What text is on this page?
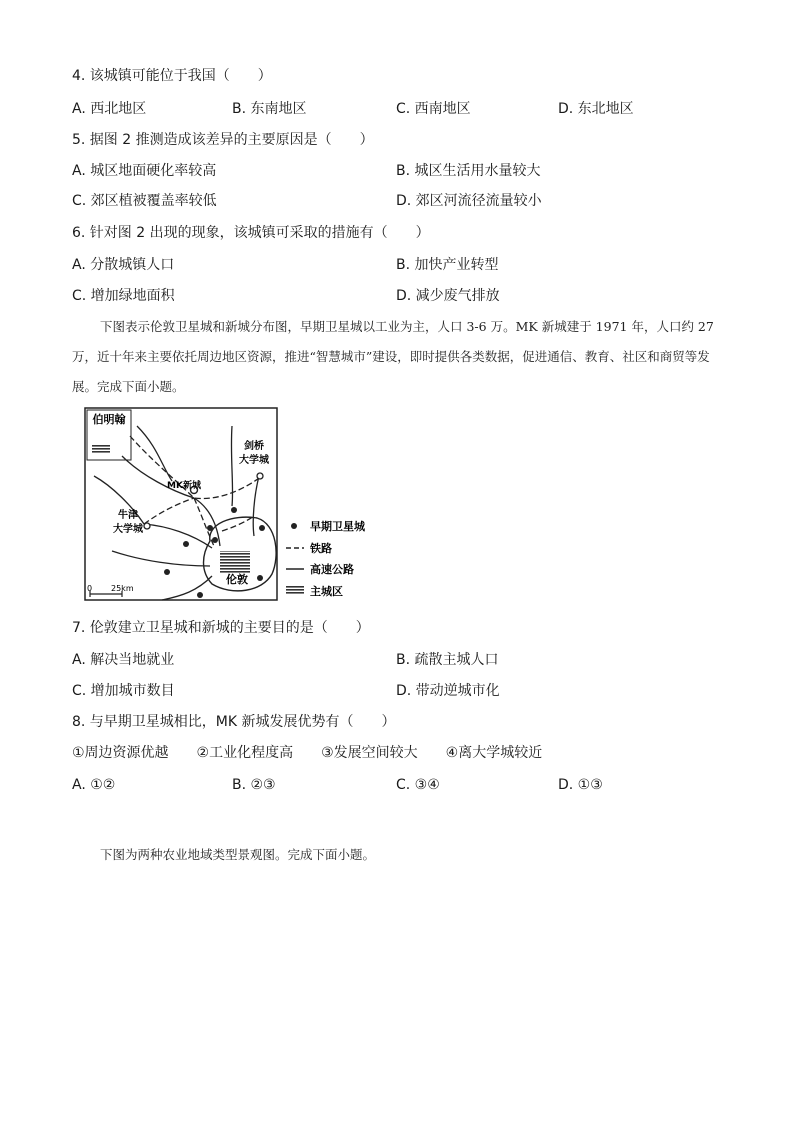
4. 该城镇可能位于我国（　　）
A. 西北地区	B. 东南地区	C. 西南地区	D. 东北地区
5. 据图 2 推测造成该差异的主要原因是（　　）
A. 城区地面硬化率较高	B. 城区生活用水量较大
C. 郊区植被覆盖率较低	D. 郊区河流径流量较小
6. 针对图 2 出现的现象，该城镇可采取的措施有（　　）
A. 分散城镇人口	B. 加快产业转型
C. 增加绿地面积	D. 减少废气排放
下图表示伦敦卫星城和新城分布图，早期卫星城以工业为主，人口 3-6 万。MK 新城建于 1971 年，人口约 27 万，近十年来主要依托周边地区资源，推进“智慧城市”建设，即时提供各类数据，促进通信、教育、社区和商贸等发展。完成下面小题。
伯明翰
伦敦
MK新城
剑桥
大学城
牛津
大学城
0 25km
早期卫星城
铁路
高速公路
主城区
7. 伦敦建立卫星城和新城的主要目的是（　　）
A. 解决当地就业	B. 疏散主城人口
C. 增加城市数目	D. 带动逆城市化
8. 与早期卫星城相比，MK 新城发展优势有（　　）
①周边资源优越　　②工业化程度高　　③发展空间较大　　④离大学城较近
A. ①②	B. ②③	C. ③④	D. ①③
下图为两种农业地域类型景观图。完成下面小题。
